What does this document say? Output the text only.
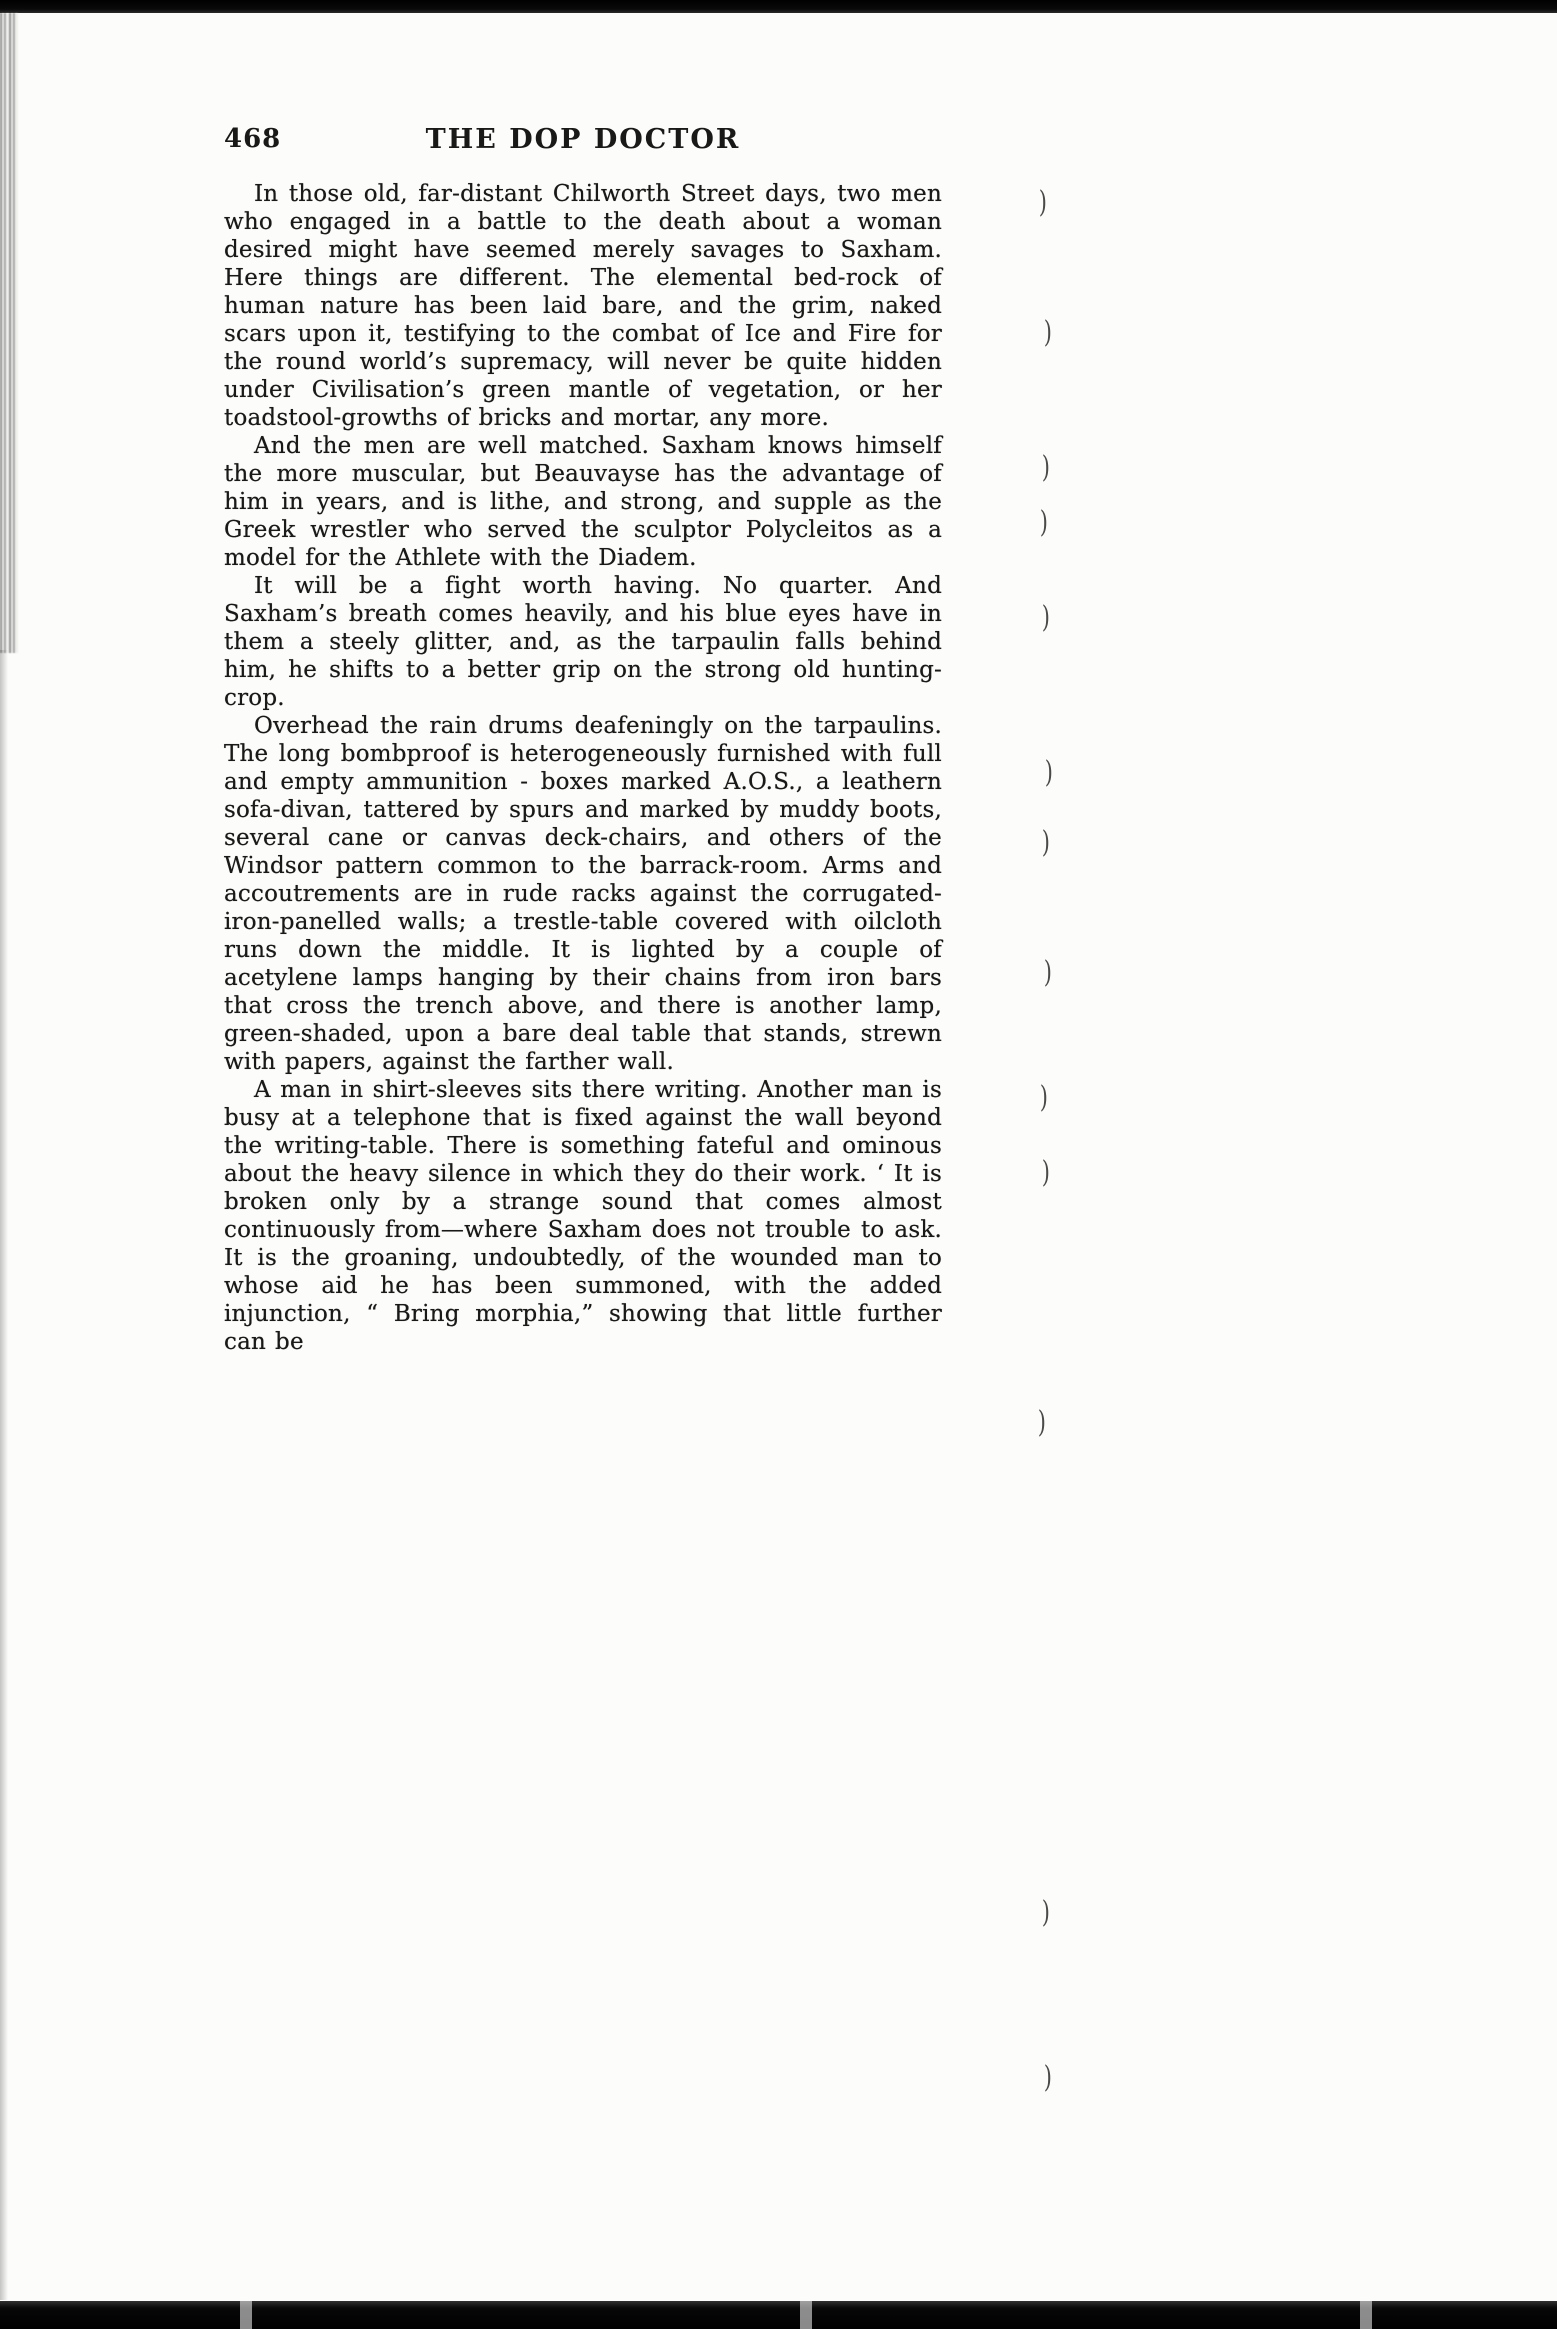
468	THE DOP DOCTOR

In those old, far-distant Chilworth Street days, two men who engaged in a battle to the death about a woman desired might have seemed merely savages to Saxham. Here things are different. The elemental bed-rock of human nature has been laid bare, and the grim, naked scars upon it, testifying to the combat of Ice and Fire for the round world’s supremacy, will never be quite hidden under Civilisation’s green mantle of vegetation, or her toadstool-growths of bricks and mortar, any more.

And the men are well matched. Saxham knows himself the more muscular, but Beauvayse has the advantage of him in years, and is lithe, and strong, and supple as the Greek wrestler who served the sculptor Polycleitos as a model for the Athlete with the Diadem.

It will be a fight worth having. No quarter. And Saxham’s breath comes heavily, and his blue eyes have in them a steely glitter, and, as the tarpaulin falls behind him, he shifts to a better grip on the strong old hunting-crop.

Overhead the rain drums deafeningly on the tarpaulins. The long bombproof is heterogeneously furnished with full and empty ammunition - boxes marked A.O.S., a leathern sofa-divan, tattered by spurs and marked by muddy boots, several cane or canvas deck-chairs, and others of the Windsor pattern common to the barrack-room. Arms and accoutrements are in rude racks against the corrugated-iron-panelled walls; a trestle-table covered with oilcloth runs down the middle. It is lighted by a couple of acetylene lamps hanging by their chains from iron bars that cross the trench above, and there is another lamp, green-shaded, upon a bare deal table that stands, strewn with papers, against the farther wall.

A man in shirt-sleeves sits there writing. Another man is busy at a telephone that is fixed against the wall beyond the writing-table. There is something fateful and ominous about the heavy silence in which they do their work. ‘ It is broken only by a strange sound that comes almost continuously from—where Saxham does not trouble to ask. It is the groaning, undoubtedly, of the wounded man to whose aid he has been summoned, with the added injunction, “ Bring morphia,” showing that little further can be

)
)
)
)
)
)
)
)
)
)
)
)
)
